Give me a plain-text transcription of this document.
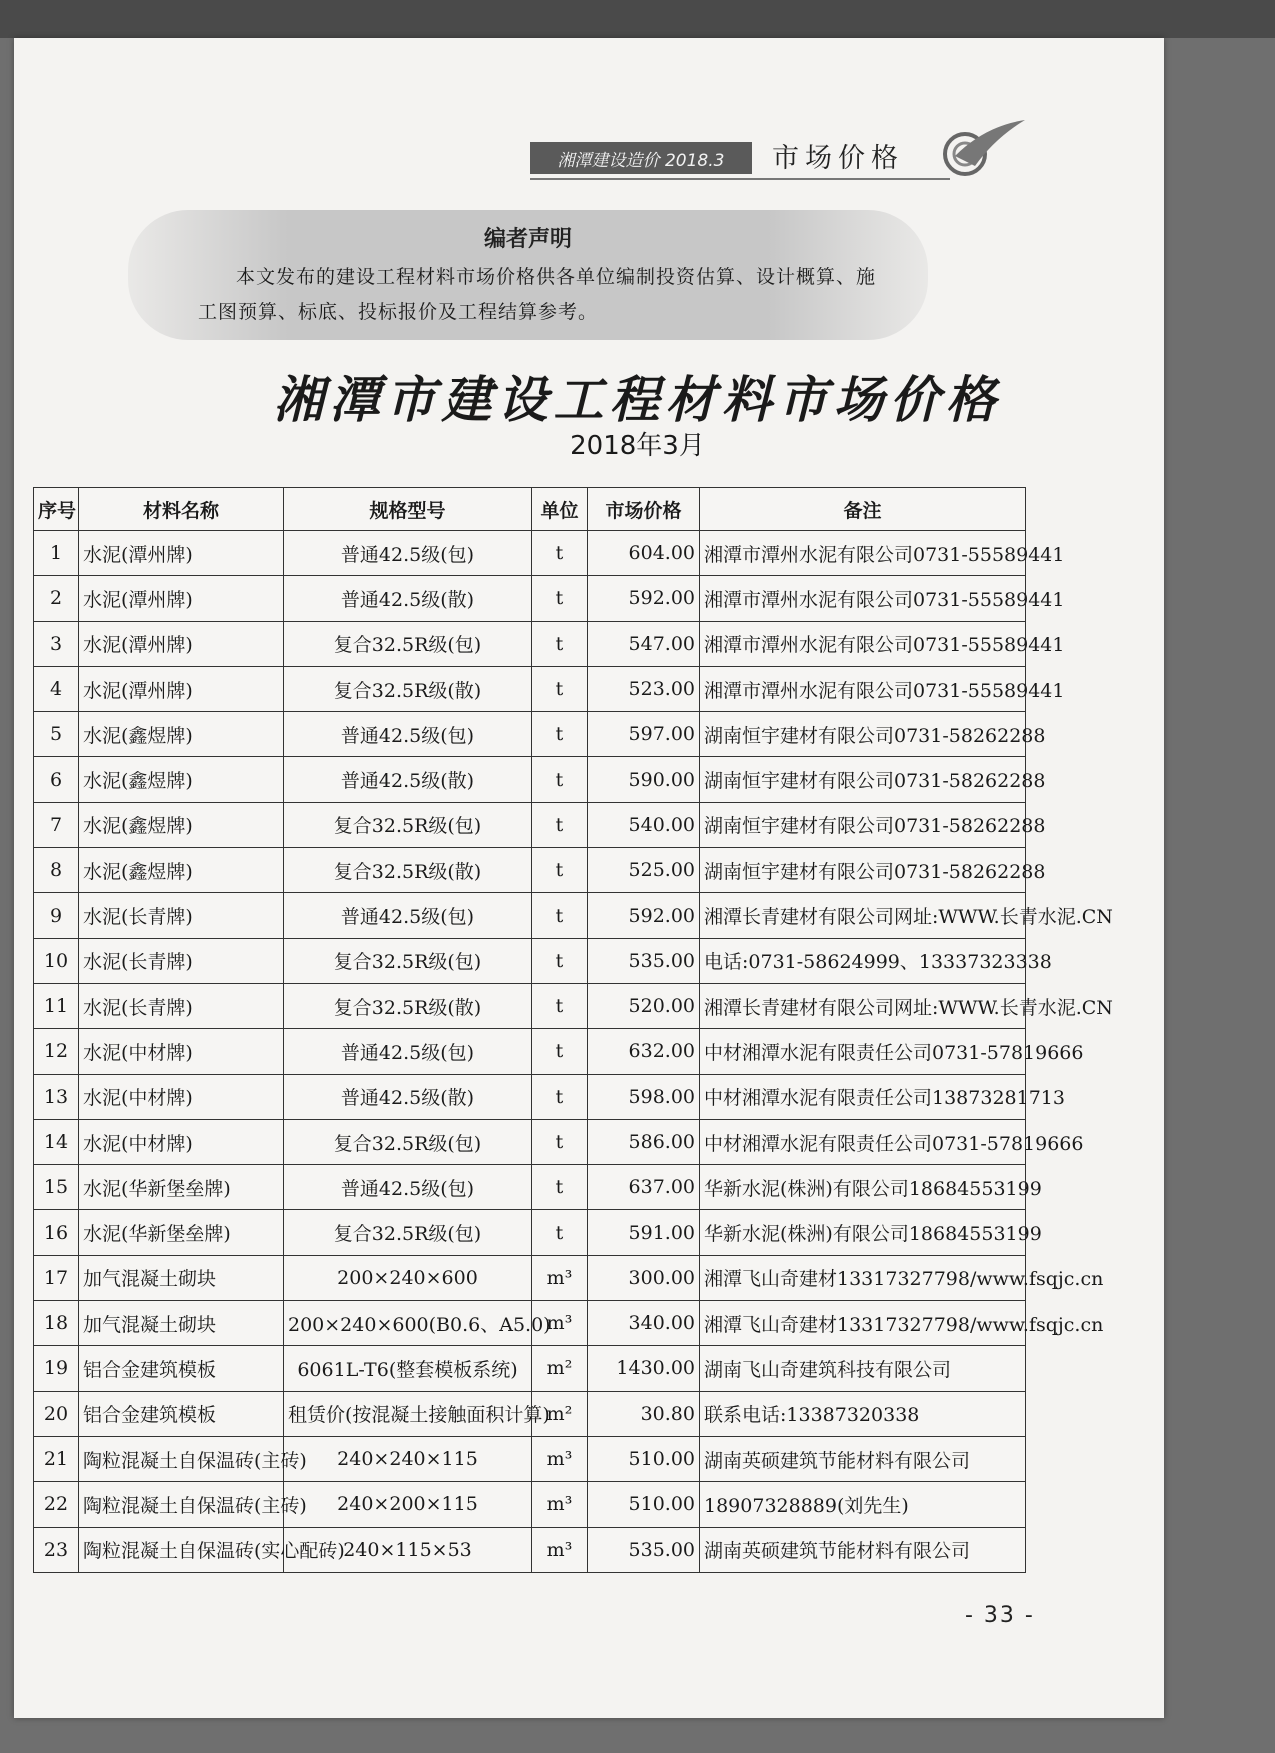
湘潭建设造价 2018.3	市场价格
编者声明
本文发布的建设工程材料市场价格供各单位编制投资估算、设计概算、施工图预算、标底、投标报价及工程结算参考。
湘潭市建设工程材料市场价格
2018年3月
序号	材料名称	规格型号	单位	市场价格	备注
1	水泥(潭州牌)	普通42.5级(包)	t	604.00	湘潭市潭州水泥有限公司0731-55589441
2	水泥(潭州牌)	普通42.5级(散)	t	592.00	湘潭市潭州水泥有限公司0731-55589441
3	水泥(潭州牌)	复合32.5R级(包)	t	547.00	湘潭市潭州水泥有限公司0731-55589441
4	水泥(潭州牌)	复合32.5R级(散)	t	523.00	湘潭市潭州水泥有限公司0731-55589441
5	水泥(鑫煜牌)	普通42.5级(包)	t	597.00	湖南恒宇建材有限公司0731-58262288
6	水泥(鑫煜牌)	普通42.5级(散)	t	590.00	湖南恒宇建材有限公司0731-58262288
7	水泥(鑫煜牌)	复合32.5R级(包)	t	540.00	湖南恒宇建材有限公司0731-58262288
8	水泥(鑫煜牌)	复合32.5R级(散)	t	525.00	湖南恒宇建材有限公司0731-58262288
9	水泥(长青牌)	普通42.5级(包)	t	592.00	湘潭长青建材有限公司网址:WWW.长青水泥.CN
10	水泥(长青牌)	复合32.5R级(包)	t	535.00	电话:0731-58624999、13337323338
11	水泥(长青牌)	复合32.5R级(散)	t	520.00	湘潭长青建材有限公司网址:WWW.长青水泥.CN
12	水泥(中材牌)	普通42.5级(包)	t	632.00	中材湘潭水泥有限责任公司0731-57819666
13	水泥(中材牌)	普通42.5级(散)	t	598.00	中材湘潭水泥有限责任公司13873281713
14	水泥(中材牌)	复合32.5R级(包)	t	586.00	中材湘潭水泥有限责任公司0731-57819666
15	水泥(华新堡垒牌)	普通42.5级(包)	t	637.00	华新水泥(株洲)有限公司18684553199
16	水泥(华新堡垒牌)	复合32.5R级(包)	t	591.00	华新水泥(株洲)有限公司18684553199
17	加气混凝土砌块	200×240×600	m³	300.00	湘潭飞山奇建材13317327798/www.fsqjc.cn
18	加气混凝土砌块	200×240×600(B0.6、A5.0)	m³	340.00	湘潭飞山奇建材13317327798/www.fsqjc.cn
19	铝合金建筑模板	6061L-T6(整套模板系统)	m²	1430.00	湖南飞山奇建筑科技有限公司
20	铝合金建筑模板	租赁价(按混凝土接触面积计算)	m²	30.80	联系电话:13387320338
21	陶粒混凝土自保温砖(主砖)	240×240×115	m³	510.00	湖南英硕建筑节能材料有限公司
22	陶粒混凝土自保温砖(主砖)	240×200×115	m³	510.00	18907328889(刘先生)
23	陶粒混凝土自保温砖(实心配砖)	240×115×53	m³	535.00	湖南英硕建筑节能材料有限公司
- 33 -
